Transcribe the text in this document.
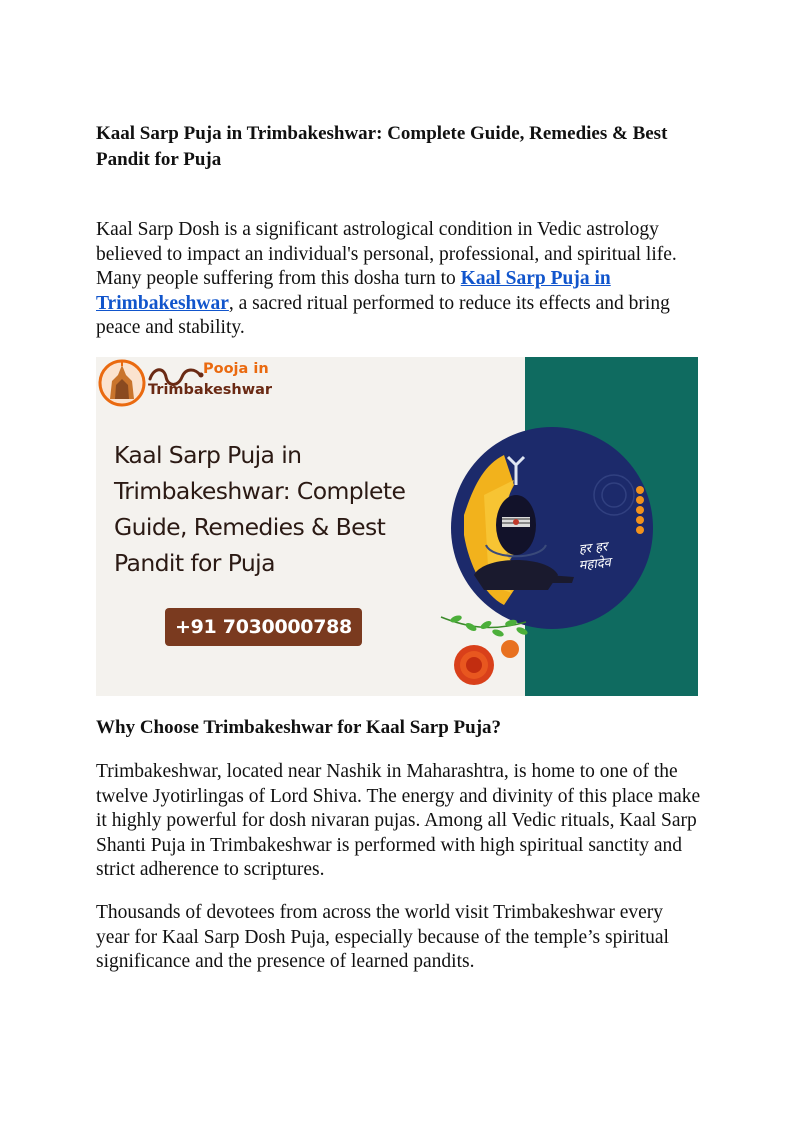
Kaal Sarp Puja in Trimbakeshwar: Complete Guide, Remedies & Best Pandit for Puja

Kaal Sarp Dosh is a significant astrological condition in Vedic astrology believed to impact an individual's personal, professional, and spiritual life. Many people suffering from this dosha turn to Kaal Sarp Puja in Trimbakeshwar, a sacred ritual performed to reduce its effects and bring peace and stability.

Pooja in
Trimbakeshwar
Kaal Sarp Puja in
Trimbakeshwar: Complete
Guide, Remedies & Best
Pandit for Puja
+91 7030000788
हर हर महादेव
Why Choose Trimbakeshwar for Kaal Sarp Puja?

Trimbakeshwar, located near Nashik in Maharashtra, is home to one of the twelve Jyotirlingas of Lord Shiva. The energy and divinity of this place make it highly powerful for dosh nivaran pujas. Among all Vedic rituals, Kaal Sarp Shanti Puja in Trimbakeshwar is performed with high spiritual sanctity and strict adherence to scriptures.

Thousands of devotees from across the world visit Trimbakeshwar every year for Kaal Sarp Dosh Puja, especially because of the temple’s spiritual significance and the presence of learned pandits.
